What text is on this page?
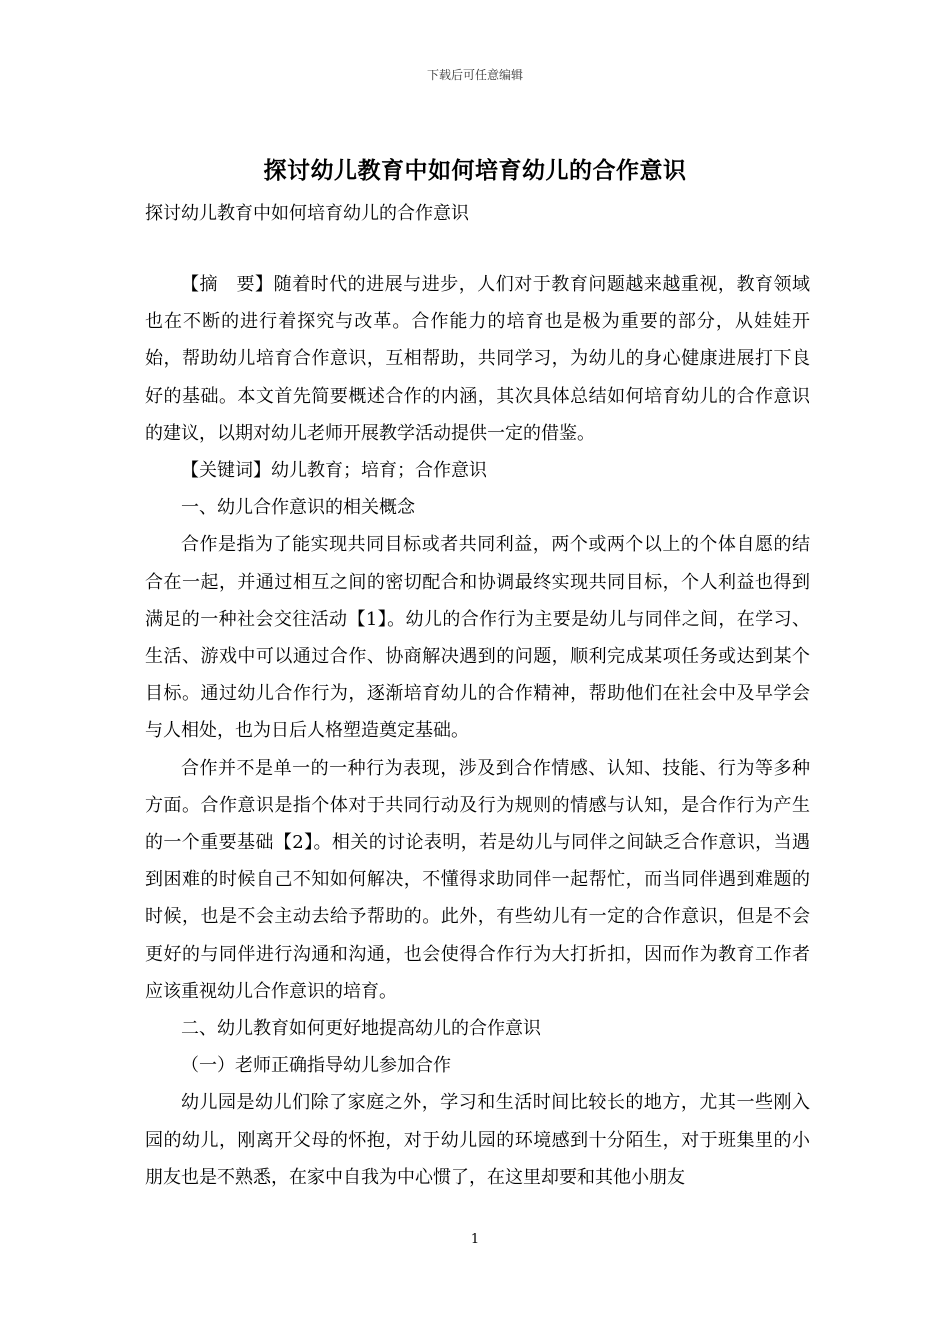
下载后可任意编辑
探讨幼儿教育中如何培育幼儿的合作意识
探讨幼儿教育中如何培育幼儿的合作意识

【摘　要】随着时代的进展与进步，人们对于教育问题越来越重视，教育领域也在不断的进行着探究与改革。合作能力的培育也是极为重要的部分，从娃娃开始，帮助幼儿培育合作意识，互相帮助，共同学习，为幼儿的身心健康进展打下良好的基础。本文首先简要概述合作的内涵，其次具体总结如何培育幼儿的合作意识的建议，以期对幼儿老师开展教学活动提供一定的借鉴。

【关键词】幼儿教育；培育；合作意识

一、幼儿合作意识的相关概念

合作是指为了能实现共同目标或者共同利益，两个或两个以上的个体自愿的结合在一起，并通过相互之间的密切配合和协调最终实现共同目标，个人利益也得到满足的一种社会交往活动【1】。幼儿的合作行为主要是幼儿与同伴之间，在学习、生活、游戏中可以通过合作、协商解决遇到的问题，顺利完成某项任务或达到某个目标。通过幼儿合作行为，逐渐培育幼儿的合作精神，帮助他们在社会中及早学会与人相处，也为日后人格塑造奠定基础。

合作并不是单一的一种行为表现，涉及到合作情感、认知、技能、行为等多种方面。合作意识是指个体对于共同行动及行为规则的情感与认知，是合作行为产生的一个重要基础【2】。相关的讨论表明，若是幼儿与同伴之间缺乏合作意识，当遇到困难的时候自己不知如何解决，不懂得求助同伴一起帮忙，而当同伴遇到难题的时候，也是不会主动去给予帮助的。此外，有些幼儿有一定的合作意识，但是不会更好的与同伴进行沟通和沟通，也会使得合作行为大打折扣，因而作为教育工作者应该重视幼儿合作意识的培育。

二、幼儿教育如何更好地提高幼儿的合作意识

（一）老师正确指导幼儿参加合作

幼儿园是幼儿们除了家庭之外，学习和生活时间比较长的地方，尤其一些刚入园的幼儿，刚离开父母的怀抱，对于幼儿园的环境感到十分陌生，对于班集里的小朋友也是不熟悉，在家中自我为中心惯了，在这里却要和其他小朋友

1
